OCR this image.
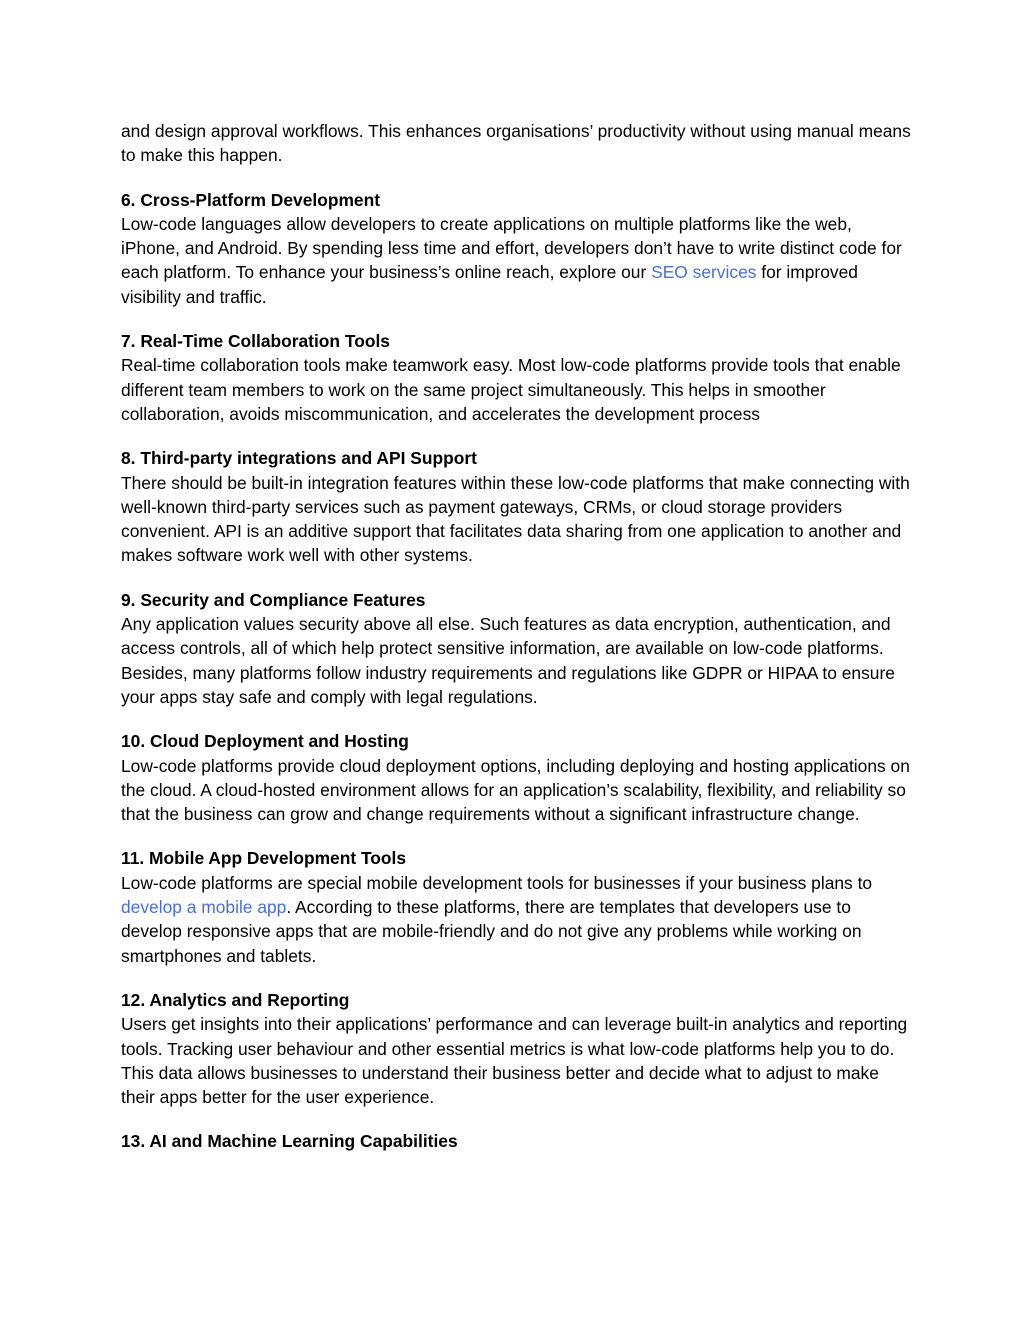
and design approval workflows. This enhances organisations’ productivity without using manual means to make this happen.

6. Cross-Platform Development

Low-code languages allow developers to create applications on multiple platforms like the web, iPhone, and Android. By spending less time and effort, developers don’t have to write distinct code for each platform. To enhance your business’s online reach, explore our SEO services for improved visibility and traffic.

7. Real-Time Collaboration Tools

Real-time collaboration tools make teamwork easy. Most low-code platforms provide tools that enable different team members to work on the same project simultaneously. This helps in smoother collaboration, avoids miscommunication, and accelerates the development process

8. Third-party integrations and API Support

There should be built-in integration features within these low-code platforms that make connecting with well-known third-party services such as payment gateways, CRMs, or cloud storage providers convenient. API is an additive support that facilitates data sharing from one application to another and makes software work well with other systems.

9. Security and Compliance Features

Any application values security above all else. Such features as data encryption, authentication, and access controls, all of which help protect sensitive information, are available on low-code platforms. Besides, many platforms follow industry requirements and regulations like GDPR or HIPAA to ensure your apps stay safe and comply with legal regulations.

10. Cloud Deployment and Hosting

Low-code platforms provide cloud deployment options, including deploying and hosting applications on the cloud. A cloud-hosted environment allows for an application’s scalability, flexibility, and reliability so that the business can grow and change requirements without a significant infrastructure change.

11. Mobile App Development Tools

Low-code platforms are special mobile development tools for businesses if your business plans to develop a mobile app. According to these platforms, there are templates that developers use to develop responsive apps that are mobile-friendly and do not give any problems while working on smartphones and tablets.

12. Analytics and Reporting

Users get insights into their applications’ performance and can leverage built-in analytics and reporting tools. Tracking user behaviour and other essential metrics is what low-code platforms help you to do. This data allows businesses to understand their business better and decide what to adjust to make their apps better for the user experience.

13. AI and Machine Learning Capabilities
